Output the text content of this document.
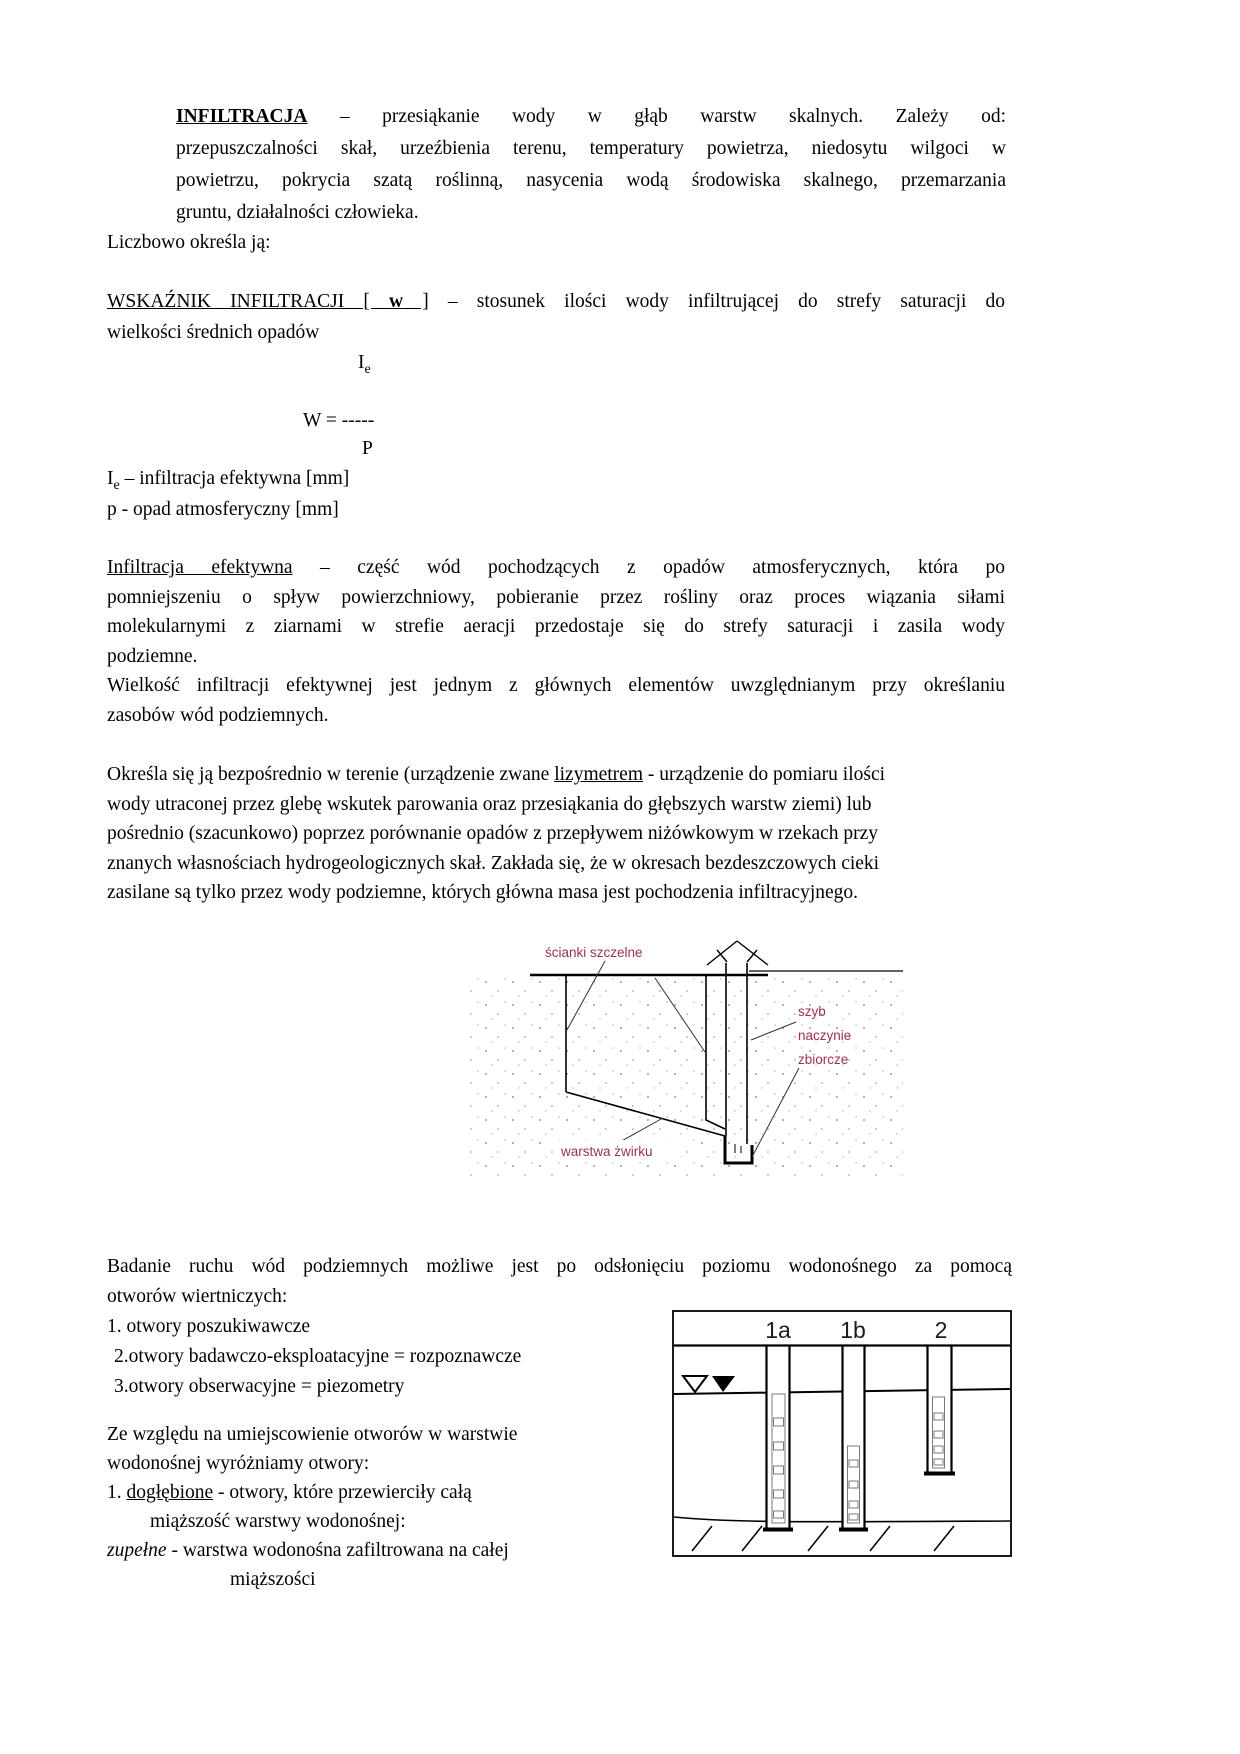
INFILTRACJA – przesiąkanie wody w głąb warstw skalnych. Zależy od:
przepuszczalności skał, urzeźbienia terenu, temperatury powietrza, niedosytu wilgoci w
powietrzu, pokrycia szatą roślinną, nasycenia wodą środowiska skalnego, przemarzania
gruntu, działalności człowieka.
Liczbowo określa ją:
WSKAŹNIK INFILTRACJI [ w ] – stosunek ilości wody infiltrującej do strefy saturacji do
wielkości średnich opadów
$I_e$
W = -----
P
$I_e$ – infiltracja efektywna [mm]
p - opad atmosferyczny [mm]
Infiltracja efektywna – część wód pochodzących z opadów atmosferycznych, która po
pomniejszeniu o spływ powierzchniowy, pobieranie przez rośliny oraz proces wiązania siłami
molekularnymi z ziarnami w strefie aeracji przedostaje się do strefy saturacji i zasila wody
podziemne.
Wielkość infiltracji efektywnej jest jednym z głównych elementów uwzględnianym przy określaniu
zasobów wód podziemnych.
Określa się ją bezpośrednio w terenie (urządzenie zwane lizymetrem - urządzenie do pomiaru ilości
wody utraconej przez glebę wskutek parowania oraz przesiąkania do głębszych warstw ziemi) lub
pośrednio (szacunkowo) poprzez porównanie opadów z przepływem niżówkowym w rzekach przy
znanych własnościach hydrogeologicznych skał. Zakłada się, że w okresach bezdeszczowych cieki
zasilane są tylko przez wody podziemne, których główna masa jest pochodzenia infiltracyjnego.
ścianki szczelne
szyb
naczynie
zbiorcze
warstwa żwirku
Badanie ruchu wód podziemnych możliwe jest po odsłonięciu poziomu wodonośnego za pomocą
otworów wiertniczych:
1. otwory poszukiwawcze
2.otwory badawczo-eksploatacyjne = rozpoznawcze
3.otwory obserwacyjne = piezometry
Ze względu na umiejscowienie otworów w warstwie
wodonośnej wyróżniamy otwory:
1. dogłębione - otwory, które przewierciły całą
miąższość warstwy wodonośnej:
zupełne - warstwa wodonośna zafiltrowana na całej
miąższości
1a 1b	2
